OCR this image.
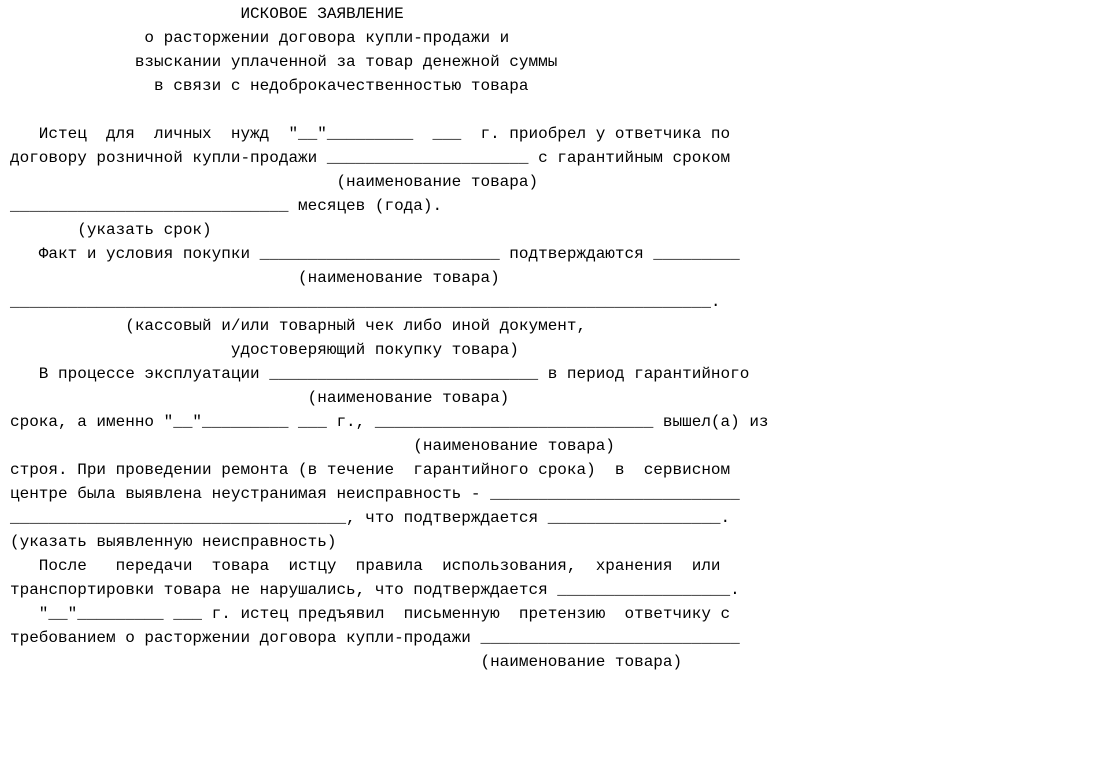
ИСКОВОЕ ЗАЯВЛЕНИЕ
о расторжении договора купли-продажи и
взыскании уплаченной за товар денежной суммы
в связи с недоброкачественностью товара
Истец  для  личных  нужд  "__"_________  ___  г. приобрел у ответчика по
договору розничной купли-продажи _____________________ с гарантийным сроком
(наименование товара)
_____________________________ месяцев (года).
(указать срок)
Факт и условия покупки _________________________ подтверждаются _________
(наименование товара)
_________________________________________________________________________.
(кассовый и/или товарный чек либо иной документ,
удостоверяющий покупку товара)
В процессе эксплуатации ____________________________ в период гарантийного
(наименование товара)
срока, а именно "__"_________ ___ г., _____________________________ вышел(а) из
(наименование товара)
строя. При проведении ремонта (в течение  гарантийного срока)  в  сервисном
центре была выявлена неустранимая неисправность - __________________________
___________________________________, что подтверждается __________________.
(указать выявленную неисправность)
После   передачи  товара  истцу  правила  использования,  хранения  или
транспортировки товара не нарушались, что подтверждается __________________.
"__"_________ ___ г. истец предъявил  письменную  претензию  ответчику с
требованием о расторжении договора купли-продажи ___________________________
(наименование товара)
